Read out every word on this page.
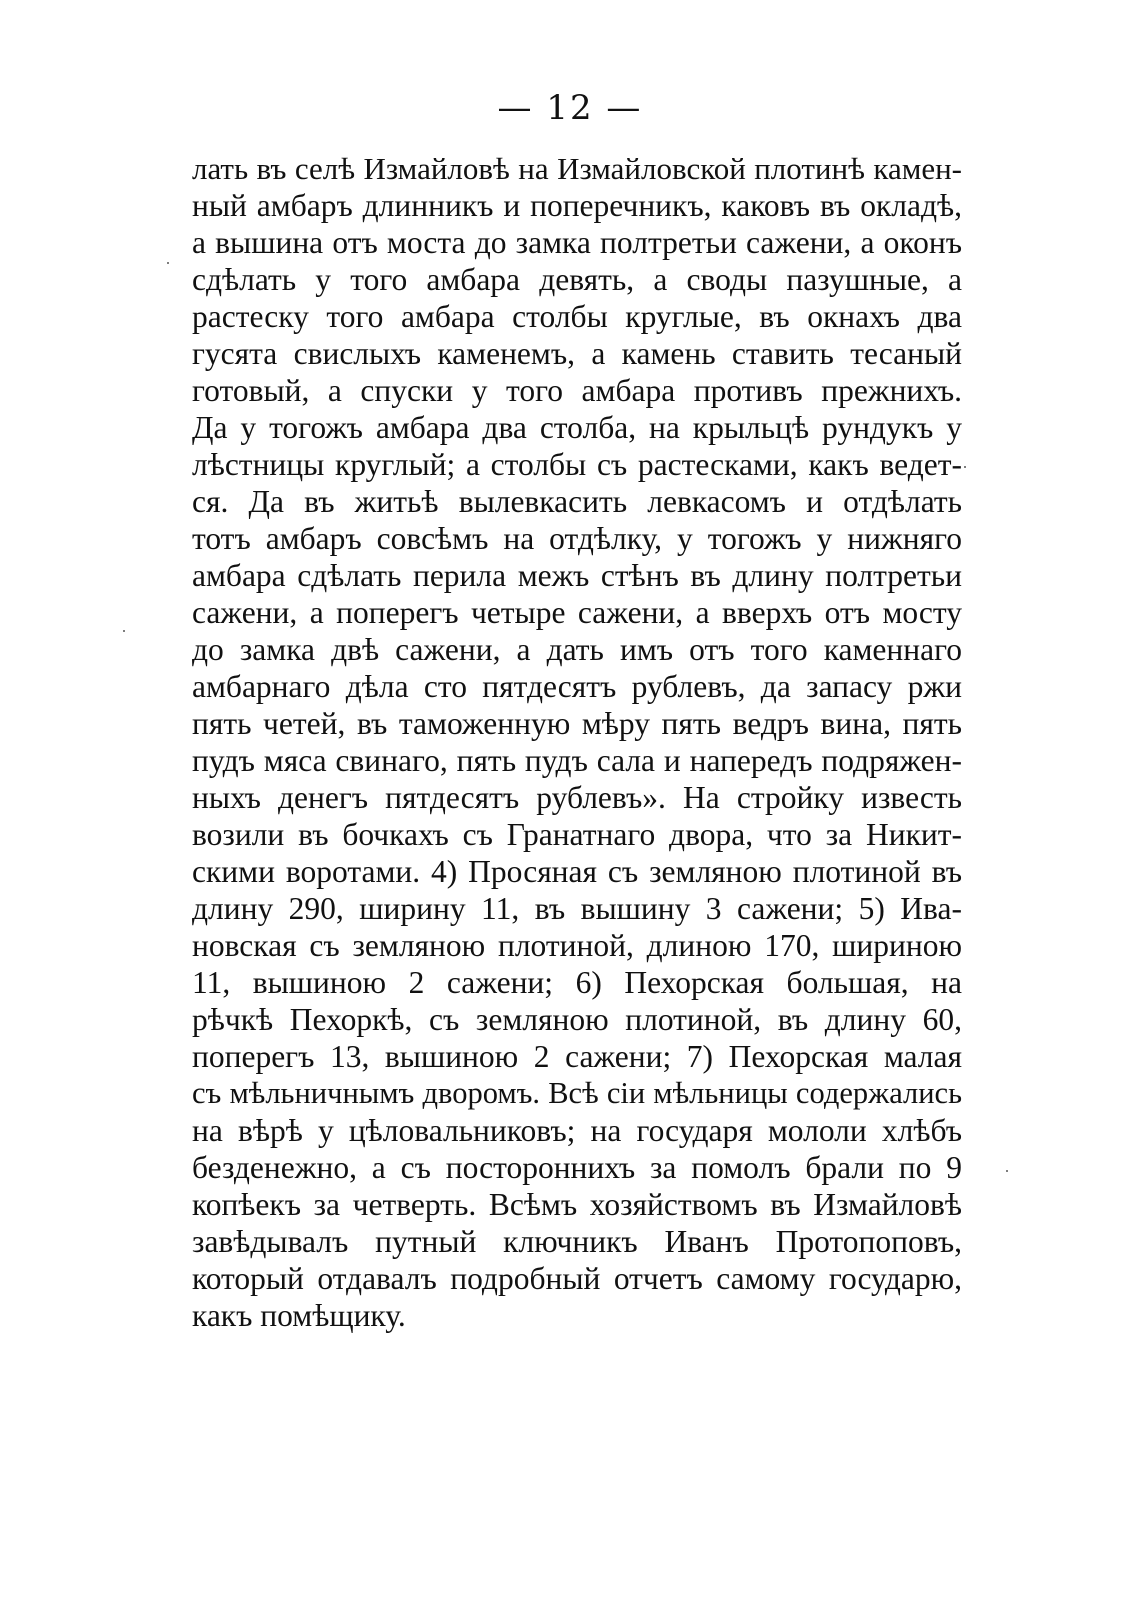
— 12 —
лать въ селѣ Измайловѣ на Измайловской плотинѣ камен-
ный амбаръ длинникъ и поперечникъ, каковъ въ окладѣ,
а вышина отъ моста до замка полтретьи сажени, а оконъ
сдѣлать у того амбара девять, а своды пазушные, а
растеску того амбара столбы круглые, въ окнахъ два
гусята свислыхъ каменемъ, а камень ставить тесаный
готовый, а спуски у того амбара противъ прежнихъ.
Да у тогожъ амбара два столба, на крыльцѣ рундукъ у
лѣстницы круглый; а столбы съ растесками, какъ ведет-
ся. Да въ житьѣ вылевкасить левкасомъ и отдѣлать
тотъ амбаръ совсѣмъ на отдѣлку, у тогожъ у нижняго
амбара сдѣлать перила межъ стѣнъ въ длину полтретьи
сажени, а поперегъ четыре сажени, а вверхъ отъ мосту
до замка двѣ сажени, а дать имъ отъ того каменнаго
амбарнаго дѣла сто пятдесятъ рублевъ, да запасу ржи
пять четей, въ таможенную мѣру пять ведръ вина, пять
пудъ мяса свинаго, пять пудъ сала и напередъ подряжен-
ныхъ денегъ пятдесятъ рублевъ». На стройку известь
возили въ бочкахъ съ Гранатнаго двора, что за Никит-
скими воротами. 4) Просяная съ земляною плотиной въ
длину 290, ширину 11, въ вышину 3 сажени; 5) Ива-
новская съ земляною плотиной, длиною 170, шириною
11, вышиною 2 сажени; 6) Пехорская большая, на
рѣчкѣ Пехоркѣ, съ земляною плотиной, въ длину 60,
поперегъ 13, вышиною 2 сажени; 7) Пехорская малая
съ мѣльничнымъ дворомъ. Всѣ сіи мѣльницы содержались
на вѣрѣ у цѣловальниковъ; на государя мололи хлѣбъ
безденежно, а съ постороннихъ за помолъ брали по 9
копѣекъ за четверть. Всѣмъ хозяйствомъ въ Измайловѣ
завѣдывалъ путный ключникъ Иванъ Протопоповъ,
который отдавалъ подробный отчетъ самому государю,
какъ помѣщику.
